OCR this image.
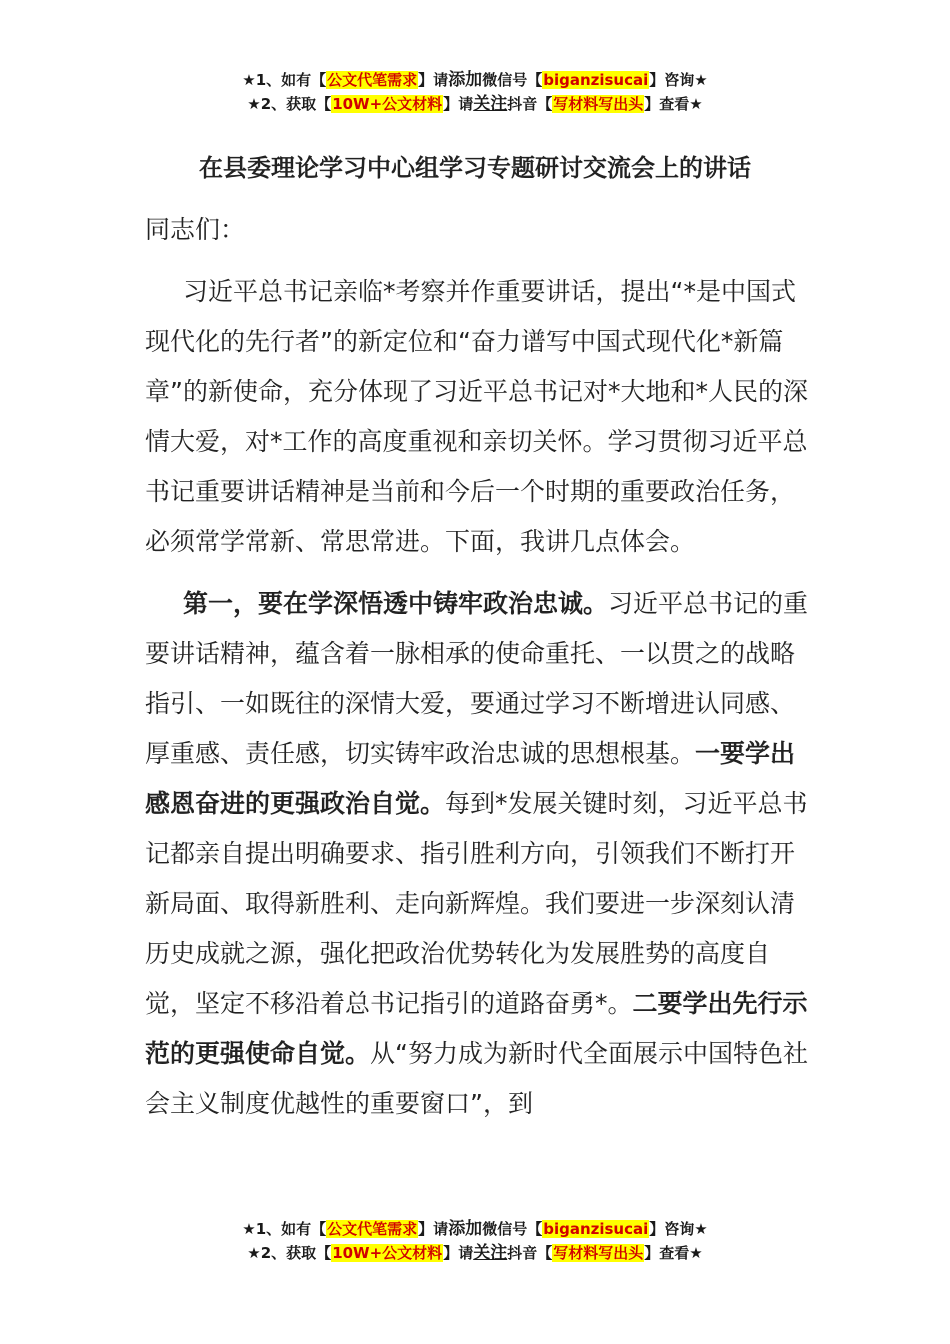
★1、如有【公文代笔需求】请添加微信号【biganzisucai】咨询★
★2、获取【10W+公文材料】请关注抖音【写材料写出头】查看★
在县委理论学习中心组学习专题研讨交流会上的讲话

同志们：

习近平总书记亲临*考察并作重要讲话，提出“*是中国式现代化的先行者”的新定位和“奋力谱写中国式现代化*新篇章”的新使命，充分体现了习近平总书记对*大地和*人民的深情大爱，对*工作的高度重视和亲切关怀。学习贯彻习近平总书记重要讲话精神是当前和今后一个时期的重要政治任务，必须常学常新、常思常进。下面，我讲几点体会。

第一，要在学深悟透中铸牢政治忠诚。习近平总书记的重要讲话精神，蕴含着一脉相承的使命重托、一以贯之的战略指引、一如既往的深情大爱，要通过学习不断增进认同感、厚重感、责任感，切实铸牢政治忠诚的思想根基。一要学出感恩奋进的更强政治自觉。每到*发展关键时刻，习近平总书记都亲自提出明确要求、指引胜利方向，引领我们不断打开新局面、取得新胜利、走向新辉煌。我们要进一步深刻认清历史成就之源，强化把政治优势转化为发展胜势的高度自觉，坚定不移沿着总书记指引的道路奋勇*。二要学出先行示范的更强使命自觉。从“努力成为新时代全面展示中国特色社会主义制度优越性的重要窗口”，到

★1、如有【公文代笔需求】请添加微信号【biganzisucai】咨询★
★2、获取【10W+公文材料】请关注抖音【写材料写出头】查看★
